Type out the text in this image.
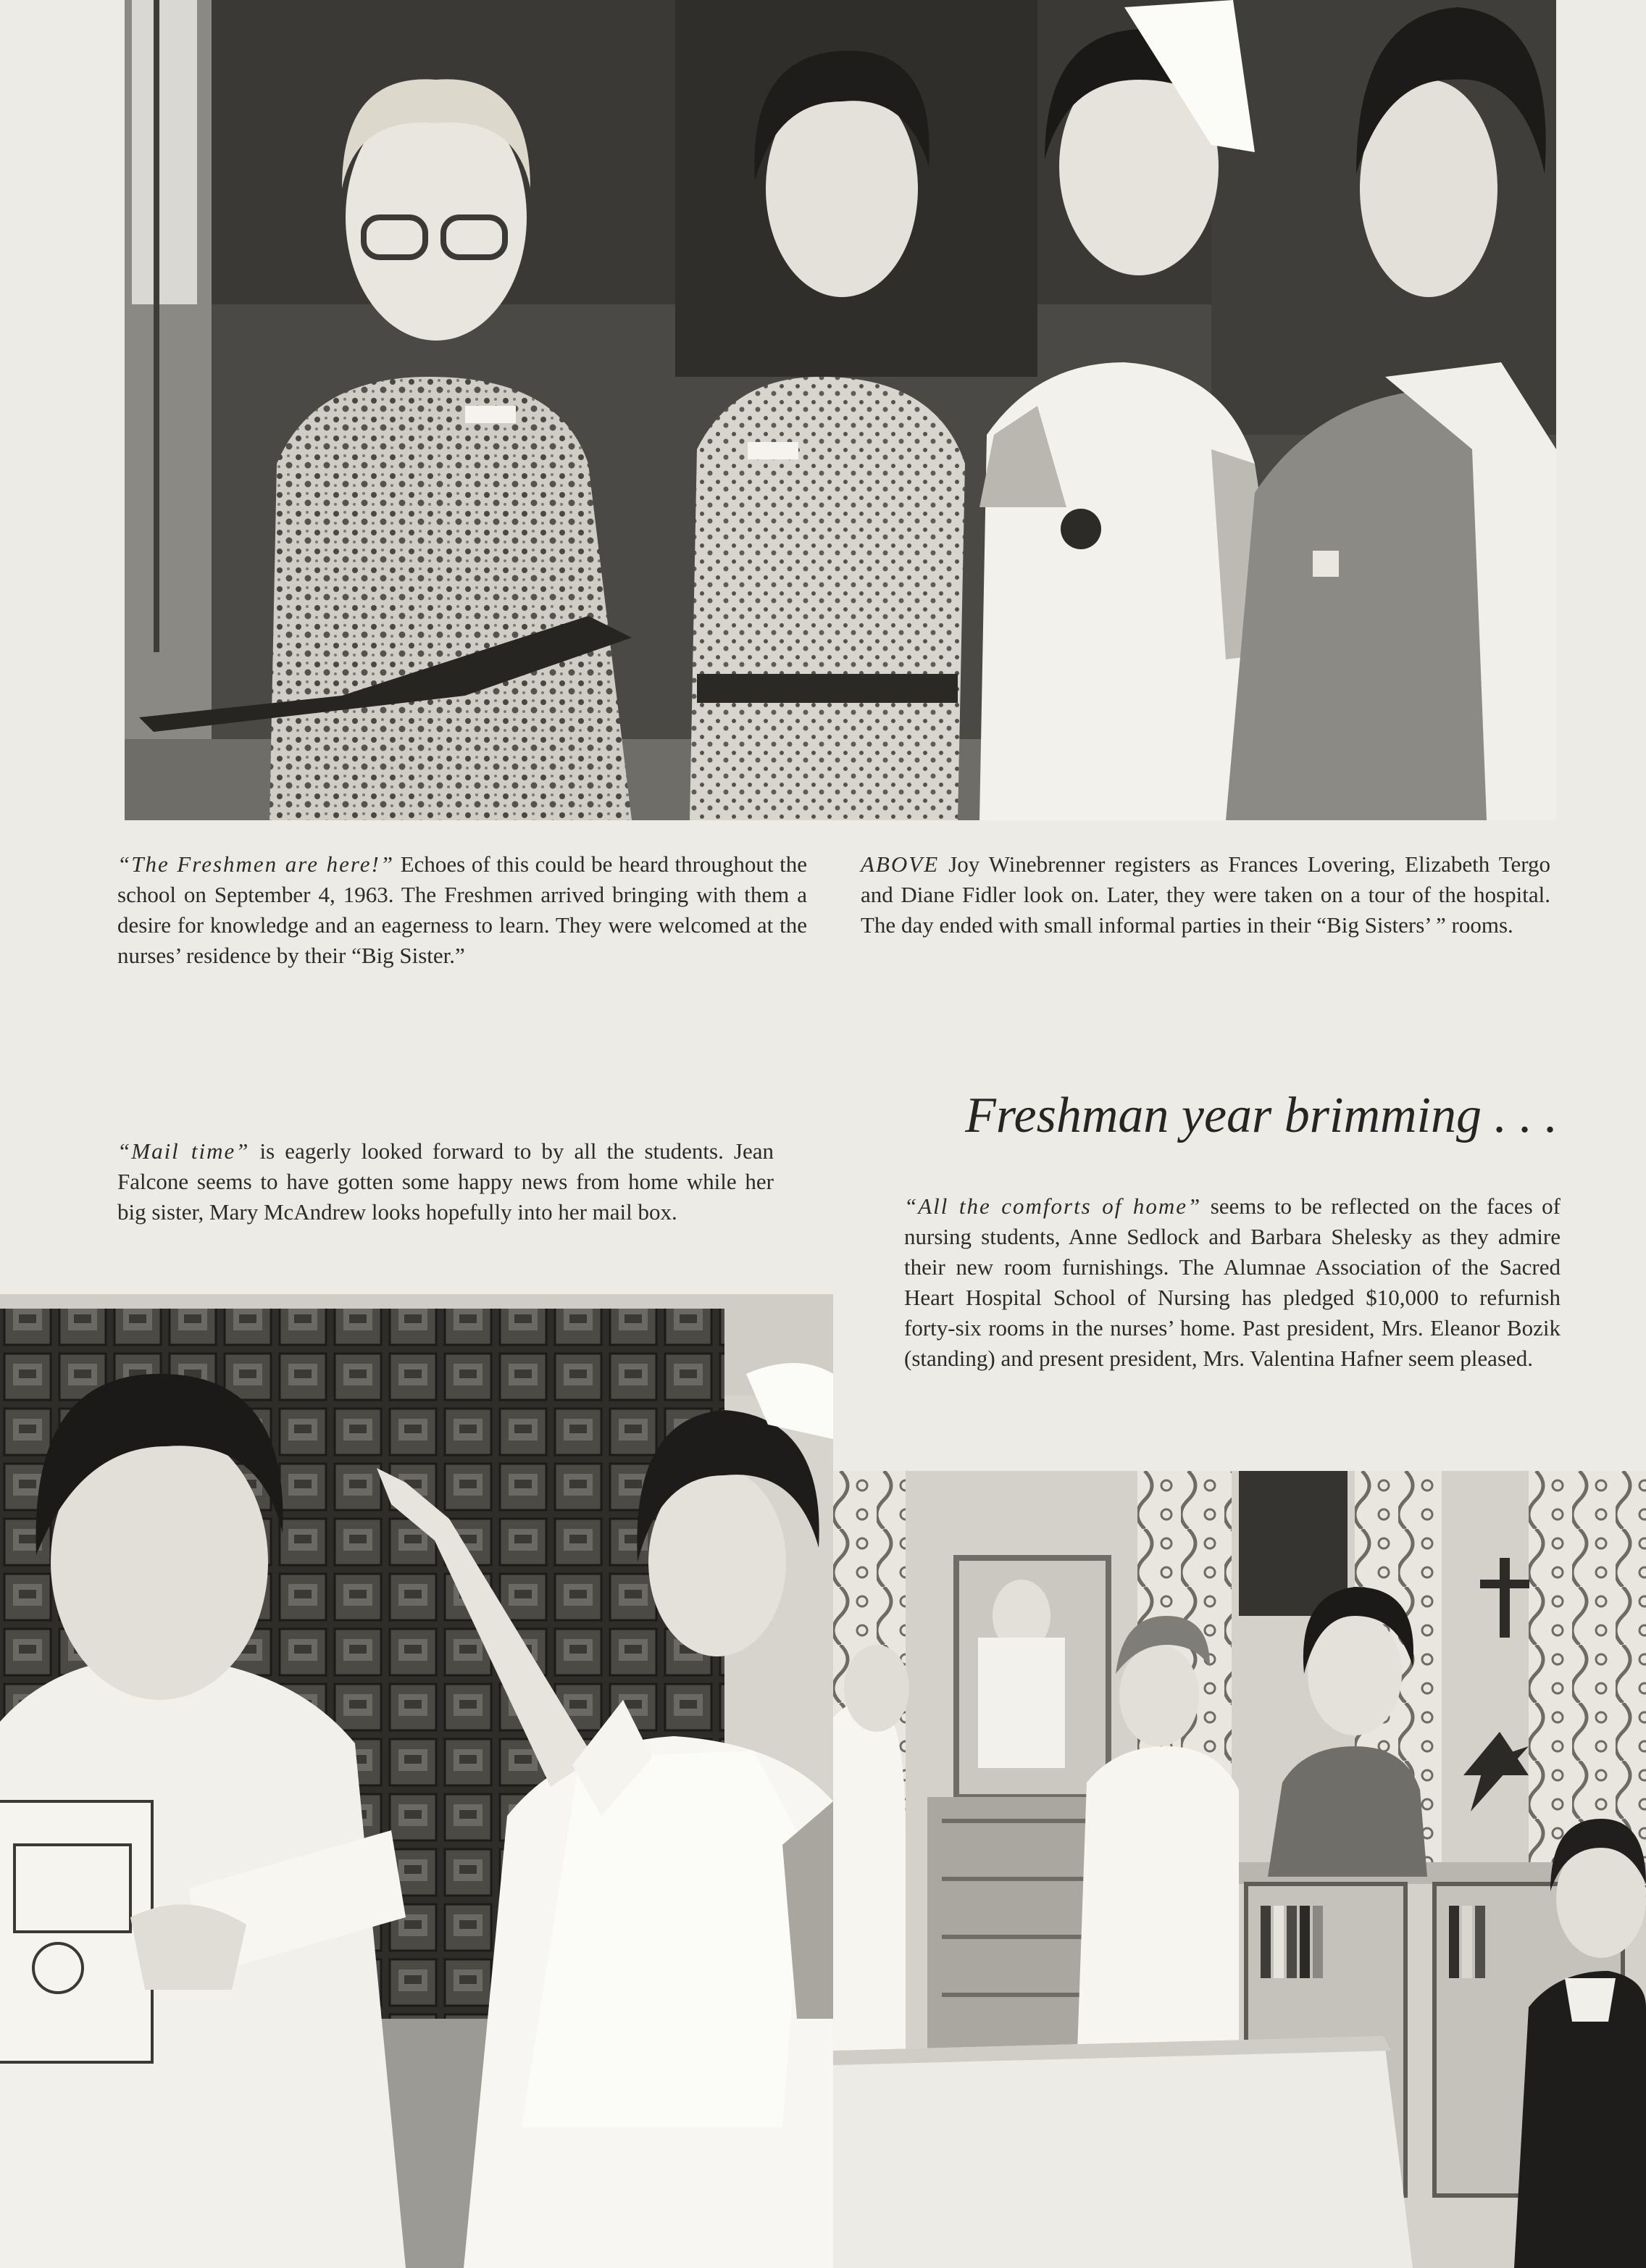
“The Freshmen are here!” Echoes of this could be heard throughout the school on September 4, 1963. The Freshmen arrived bringing with them a desire for knowledge and an eagerness to learn. They were welcomed at the nurses’ residence by their “Big Sister.”
ABOVE Joy Winebrenner registers as Frances Lovering, Elizabeth Tergo and Diane Fidler look on. Later, they were taken on a tour of the hospital. The day ended with small informal parties in their “Big Sisters’ ” rooms.
Freshman year brimming . . .
“Mail time” is eagerly looked forward to by all the students. Jean Falcone seems to have gotten some happy news from home while her big sister, Mary McAndrew looks hopefully into her mail box.	“All the comforts of home” seems to be reflected on the faces of nursing students, Anne Sedlock and Barbara Shelesky as they admire their new room furnishings. The Alumnae Association of the Sacred Heart Hospital School of Nursing has pledged $10,000 to refurnish forty-six rooms in the nurses’ home. Past president, Mrs. Eleanor Bozik (standing) and present president, Mrs. Valentina Hafner seem pleased.
